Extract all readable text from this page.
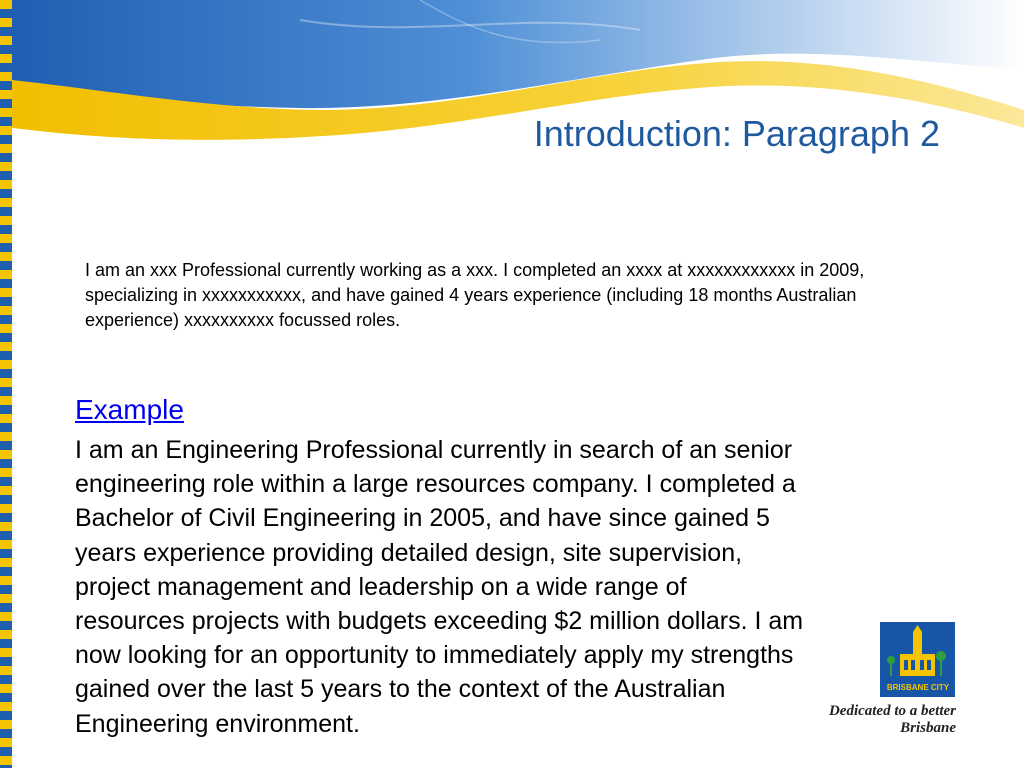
Introduction: Paragraph 2
I am an xxx Professional currently working as a xxx. I completed an xxxx at xxxxxxxxxxxx in 2009, specializing in xxxxxxxxxxx, and have gained 4 years experience (including 18 months Australian experience) xxxxxxxxxx focussed roles.
Example
I am an Engineering Professional currently in search of an senior
engineering role within a large resources company. I completed a
Bachelor of Civil Engineering in 2005, and have since gained 5
years experience providing detailed design, site supervision,
project management and leadership on a wide range of
resources projects with budgets exceeding $2 million dollars. I am
now looking for an opportunity to immediately apply my strengths
gained over the last 5 years to the context of the Australian
Engineering environment.
BRISBANE CITY
Dedicated to a better Brisbane
